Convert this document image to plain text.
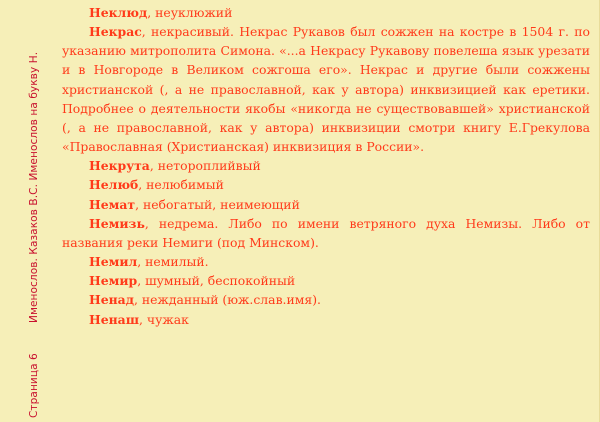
Страница 6Именослов. Казаков В.С. Именослов на букву Н.

Неклюд, неуклюжий

Некрас, некрасивый. Некрас Рукавов был сожжен на костре в 1504 г. по указанию митрополита Симона. «...а Некрасу Рукавову повелеша язык урезати и в Новгороде в Великом сожгоша его». Некрас и другие были сожжены христианской (, а не православной, как у автора) инквизицией как еретики. Подробнее о деятельности якобы «никогда не существовавшей» христианской (, а не православной, как у автора) инквизиции смотри книгу Е.Грекулова «Православная (Христианская) инквизиция в России».

Некрута, нетороплийвый

Нелюб, нелюбимый

Немат, небогатый, неимеющий

Немизь, недрема. Либо по имени ветряного духа Немизы. Либо от названия реки Немиги (под Минском).

Немил, немилый.

Немир, шумный, беспокойный

Ненад, нежданный (юж.слав.имя).

Ненаш, чужак
